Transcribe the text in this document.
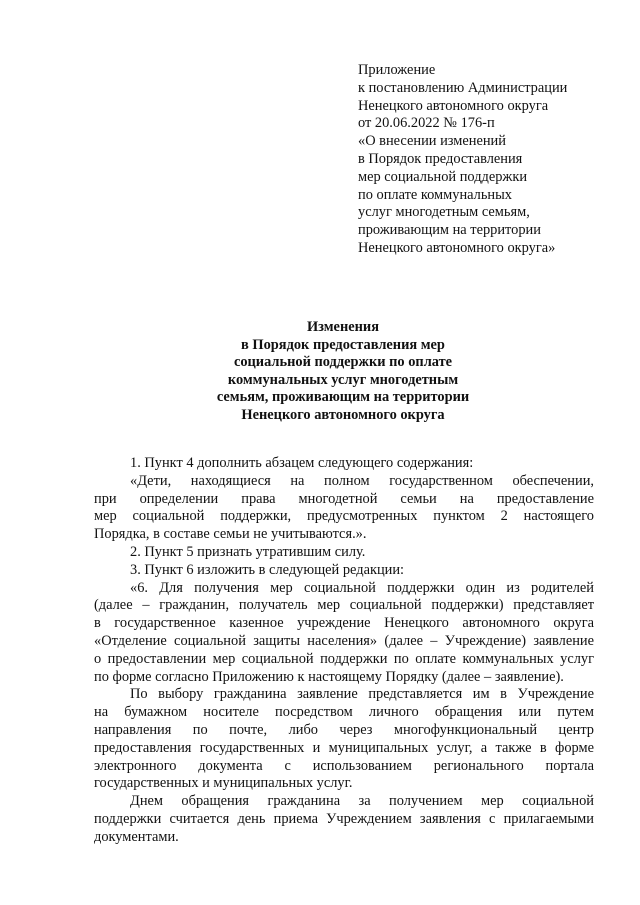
Приложение
к постановлению Администрации
Ненецкого автономного округа
от 20.06.2022 № 176-п
«О внесении изменений
в Порядок предоставления
мер социальной поддержки
по оплате коммунальных
услуг многодетным семьям,
проживающим на территории
Ненецкого автономного округа»
Изменения
в Порядок предоставления мер
социальной поддержки по оплате
коммунальных услуг многодетным
семьям, проживающим на территории
Ненецкого автономного округа
1. Пункт 4 дополнить абзацем следующего содержания:
«Дети, находящиеся на полном государственном обеспечении,
при определении права многодетной семьи на предоставление
мер социальной поддержки, предусмотренных пунктом 2 настоящего
Порядка, в составе семьи не учитываются.».
2. Пункт 5 признать утратившим силу.
3. Пункт 6 изложить в следующей редакции:
«6. Для получения мер социальной поддержки один из родителей
(далее – гражданин, получатель мер социальной поддержки) представляет
в государственное казенное учреждение Ненецкого автономного округа
«Отделение социальной защиты населения» (далее – Учреждение) заявление
о предоставлении мер социальной поддержки по оплате коммунальных услуг
по форме согласно Приложению к настоящему Порядку (далее – заявление).
По выбору гражданина заявление представляется им в Учреждение
на бумажном носителе посредством личного обращения или путем
направления по почте, либо через многофункциональный центр
предоставления государственных и муниципальных услуг, а также в форме
электронного документа с использованием регионального портала
государственных и муниципальных услуг.
Днем обращения гражданина за получением мер социальной
поддержки считается день приема Учреждением заявления с прилагаемыми
документами.
